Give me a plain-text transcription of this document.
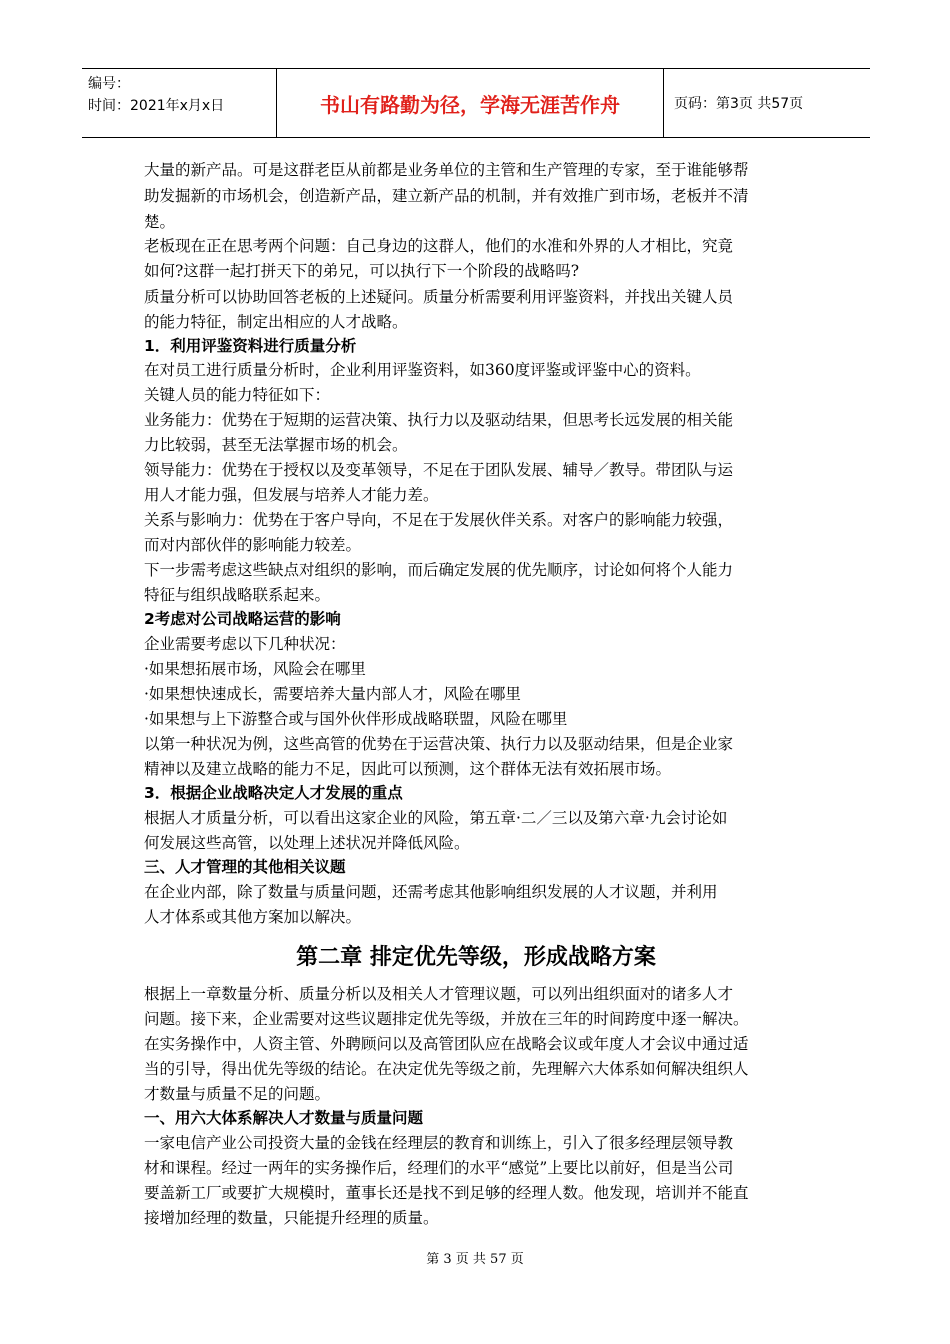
编号：
时间：2021年x月x日	书山有路勤为径，学海无涯苦作舟	页码：第3页 共57页
大量的新产品。可是这群老臣从前都是业务单位的主管和生产管理的专家，至于谁能够帮
助发掘新的市场机会，创造新产品，建立新产品的机制，并有效推广到市场，老板并不清
楚。
老板现在正在思考两个问题：自己身边的这群人，他们的水准和外界的人才相比，究竟
如何?这群一起打拼天下的弟兄，可以执行下一个阶段的战略吗?
质量分析可以协助回答老板的上述疑问。质量分析需要利用评鉴资料，并找出关键人员
的能力特征，制定出相应的人才战略。
1．利用评鉴资料进行质量分析
在对员工进行质量分析时，企业利用评鉴资料，如360度评鉴或评鉴中心的资料。
关键人员的能力特征如下：
业务能力：优势在于短期的运营决策、执行力以及驱动结果，但思考长远发展的相关能
力比较弱，甚至无法掌握市场的机会。
领导能力：优势在于授权以及变革领导，不足在于团队发展、辅导／教导。带团队与运
用人才能力强，但发展与培养人才能力差。
关系与影响力：优势在于客户导向，不足在于发展伙伴关系。对客户的影响能力较强，
而对内部伙伴的影响能力较差。
下一步需考虑这些缺点对组织的影响，而后确定发展的优先顺序，讨论如何将个人能力
特征与组织战略联系起来。
2考虑对公司战略运营的影响
企业需要考虑以下几种状况：
·如果想拓展市场，风险会在哪里
·如果想快速成长，需要培养大量内部人才，风险在哪里
·如果想与上下游整合或与国外伙伴形成战略联盟，风险在哪里
以第一种状况为例，这些高管的优势在于运营决策、执行力以及驱动结果，但是企业家
精神以及建立战略的能力不足，因此可以预测，这个群体无法有效拓展市场。
3．根据企业战略决定人才发展的重点
根据人才质量分析，可以看出这家企业的风险，第五章·二／三以及第六章·九会讨论如
何发展这些高管，以处理上述状况并降低风险。
三、人才管理的其他相关议题
在企业内部，除了数量与质量问题，还需考虑其他影响组织发展的人才议题，并利用
人才体系或其他方案加以解决。
第二章 排定优先等级，形成战略方案
根据上一章数量分析、质量分析以及相关人才管理议题，可以列出组织面对的诸多人才
问题。接下来，企业需要对这些议题排定优先等级，并放在三年的时间跨度中逐一解决。
在实务操作中，人资主管、外聘顾问以及高管团队应在战略会议或年度人才会议中通过适
当的引导，得出优先等级的结论。在决定优先等级之前，先理解六大体系如何解决组织人
才数量与质量不足的问题。
一、用六大体系解决人才数量与质量问题
一家电信产业公司投资大量的金钱在经理层的教育和训练上，引入了很多经理层领导教
材和课程。经过一两年的实务操作后，经理们的水平“感觉”上要比以前好，但是当公司
要盖新工厂或要扩大规模时，董事长还是找不到足够的经理人数。他发现，培训并不能直
接增加经理的数量，只能提升经理的质量。
第 3 页 共 57 页
